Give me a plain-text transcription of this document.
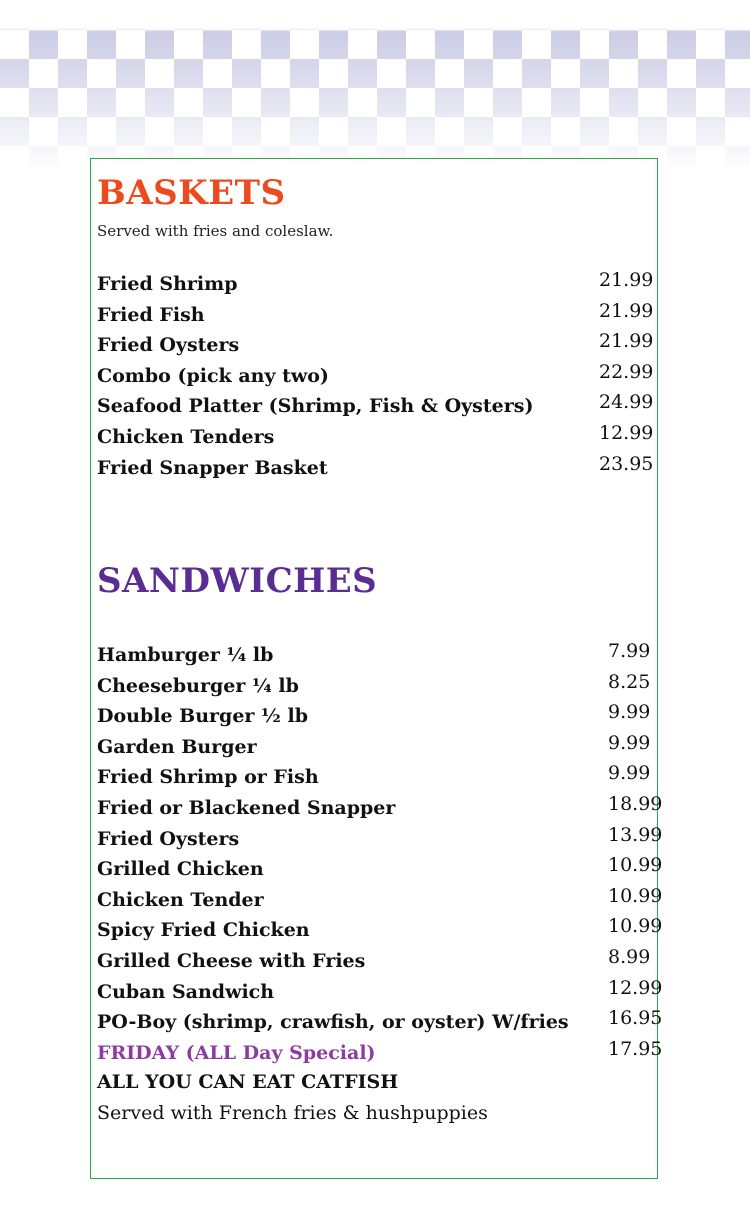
BASKETS
Served with fries and coleslaw.
Fried Shrimp	21.99
Fried Fish	21.99
Fried Oysters	21.99
Combo (pick any two)	22.99
Seafood Platter (Shrimp, Fish & Oysters)	24.99
Chicken Tenders	12.99
Fried Snapper Basket	23.95
SANDWICHES
Hamburger ¼ lb	7.99
Cheeseburger ¼ lb	8.25
Double Burger ½ lb	9.99
Garden Burger	9.99
Fried Shrimp or Fish	9.99
Fried or Blackened Snapper	18.99
Fried Oysters	13.99
Grilled Chicken	10.99
Chicken Tender	10.99
Spicy Fried Chicken	10.99
Grilled Cheese with Fries	8.99
Cuban Sandwich	12.99
PO-Boy (shrimp, crawfish, or oyster) W/fries 16.95
FRIDAY (ALL Day Special)	17.95
ALL YOU CAN EAT CATFISH
Served with French fries & hushpuppies
